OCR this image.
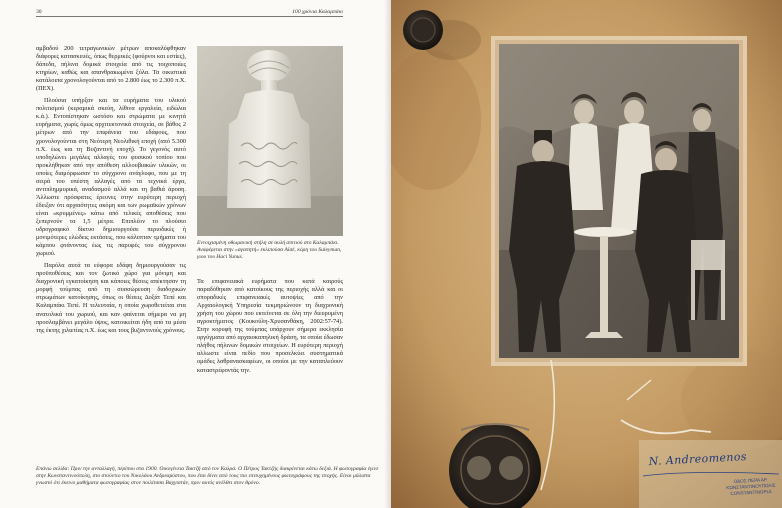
30	100 χρόνια Καλαμπάκι

αμβαδού 200 τετραγωνικών μέτρων αποκαλύφθηκαν διάφορες κατασκευές, όπως θερμικές (φούρνοι και εστίες), δάπεδα, πήλινα δομικά στοιχεία από τις τοιχοποιίες κτηρίων, καθώς και απανθρακωμένα ξύλα. Τα οικιστικά κατάλοιπα χρονολογούνται από το 2.800 έως το 2.300 π.Χ. (ΠΕΧ).

Πλούσια υπήρξαν και τα ευρήματα του υλικού πολιτισμού (κεραμικά σκεύη, λίθινα εργαλεία, ειδώλια κ.ά.). Εντοπίστηκαν ωστόσο και στρώματα με κινητά ευρήματα, χωρίς όμως αρχιτεκτονικά στοιχεία, σε βάθος 2 μέτρων από την επιφάνεια του εδάφους, που χρονολογούνται στη Νεότερη Νεολιθική εποχή (από 5.300 π.Χ. έως και τη Βυζαντινή εποχή). Το γεγονός αυτό υποδηλώνει μεγάλες αλλαγές του φυσικού τοπίου που προκλήθηκαν από την απόθεση αλλουβιακών υλικών, οι οποίες διαμόρφωσαν το σύγχρονο ανάγλυφο, που με τη σειρά του υπέστη αλλαγές από τα τεχνικά έργα, αντιπλημμυρικά, αναδασμού αλλά και τη βαθιά άροση. Άλλωστε πρόσφατες έρευνες στην ευρύτερη περιοχή έδειξαν ότι αρχαιότητες ακόμη και των ρωμαϊκών χρόνων είναι «κρυμμένες» κάτω από τελικές αποθέσεις που ξεπερνούν τα 1,5 μέτρα. Επιπλέον το πλούσιο υδρογραφικό δίκτυο δημιουργούσε περιοδικές ή μονιμότερες ελώδεις εκτάσεις, που κάλυπταν τμήματα του κάμπου φτάνοντας έως τις παρυφές του σύγχρονου χωριού.

Παρόλα αυτά τα εύφορα εδάφη δημιουργούσαν τις προϋποθέσεις και τον ζωτικό χώρο για μόνιμη και διαχρονική εγκατοίκηση και κάποιες θέσεις απέκτησαν τη μορφή τούμπας από τη συσσώρευση διαδοχικών στρωμάτων κατοίκησης, όπως οι θέσεις Δοξάτ Τεπέ και Καλαμπάκι Τεπέ. Η τελευταία, η οποία χωροθετείται στα ανατολικά του χωριού, και καν φαίνεται σήμερα να μη προσλαμβάνει μεγάλο ύψος, κατοικείται ήδη από τα μέσα της έκτης χιλιετίας π.Χ. έως και τους βυζαντινούς χρόνους.

Εντοιχισμένη οθωμανική στήλη σε αυλή σπιτιού στο Καλαμπάκι. Αναφέρεται στην «αγαπητή» εκλιπούσα Αϊσέ, κόρη του Suleyman, γιου του Haci Yunus.

Τα επιφανειακά ευρήματα που κατά καιρούς παραδόθηκαν από κατοίκους της περιοχής αλλά και οι σποραδικές επιφανειακές αυτοψίες από την Αρχαιολογική Υπηρεσία τεκμηριώνουν τη διαχρονική χρήση του χώρου που εκτείνεται σε όλη την διευρυμένη αγροκτήματος (Κουκούλη-Χρυσανθάκη, 2002:57-74). Στην κορυφή της τούμπας υπάρχουν σήμερα εκκλησία οργύγματα από αρχαιοκαπηλική δράση, τα οποία έδωσαν πλήθος πήλινων δομικών στοιχείων. Η ευρύτερη περιοχή αλλωστε είναι πεδίο που προσελκύει συστηματικά ομάδες λαθρανασκαφέων, οι οποίοι με την καταπλεύουν καταστρέφοντάς την.

Επάνω σελίδα: Πριν την ανταλλαγή, περίπου στα 1900. Οικογένεια Τακτζή από τον Καλρά. Ο Πέτρος Τακτζής διακρίνεται κάτω δεξιά. Η φωτογραφία έγινε στην Κωνσταντινούπολη, στο στούντιο του Νικολάου Ανδρεαμύστου, που έτσι δίνει από τους πιο επιτυχημένους φωτογράφους της εποχής. Είναι μάλιστα γνωστό ότι έκεινο μαθήματα φωτογραφίας στον ποιλίτσσα Βαχγιστάν, πριν αυτός ανέλθει στον θρόνο.
N. Andreomenos
ΟΔΟΣ ΠΕΡΑ ΑΡ.
ΚΩΝΣΤΑΝΤΙΝΟΥΠΟΛΙΣ
CONSTANTINOPLE
